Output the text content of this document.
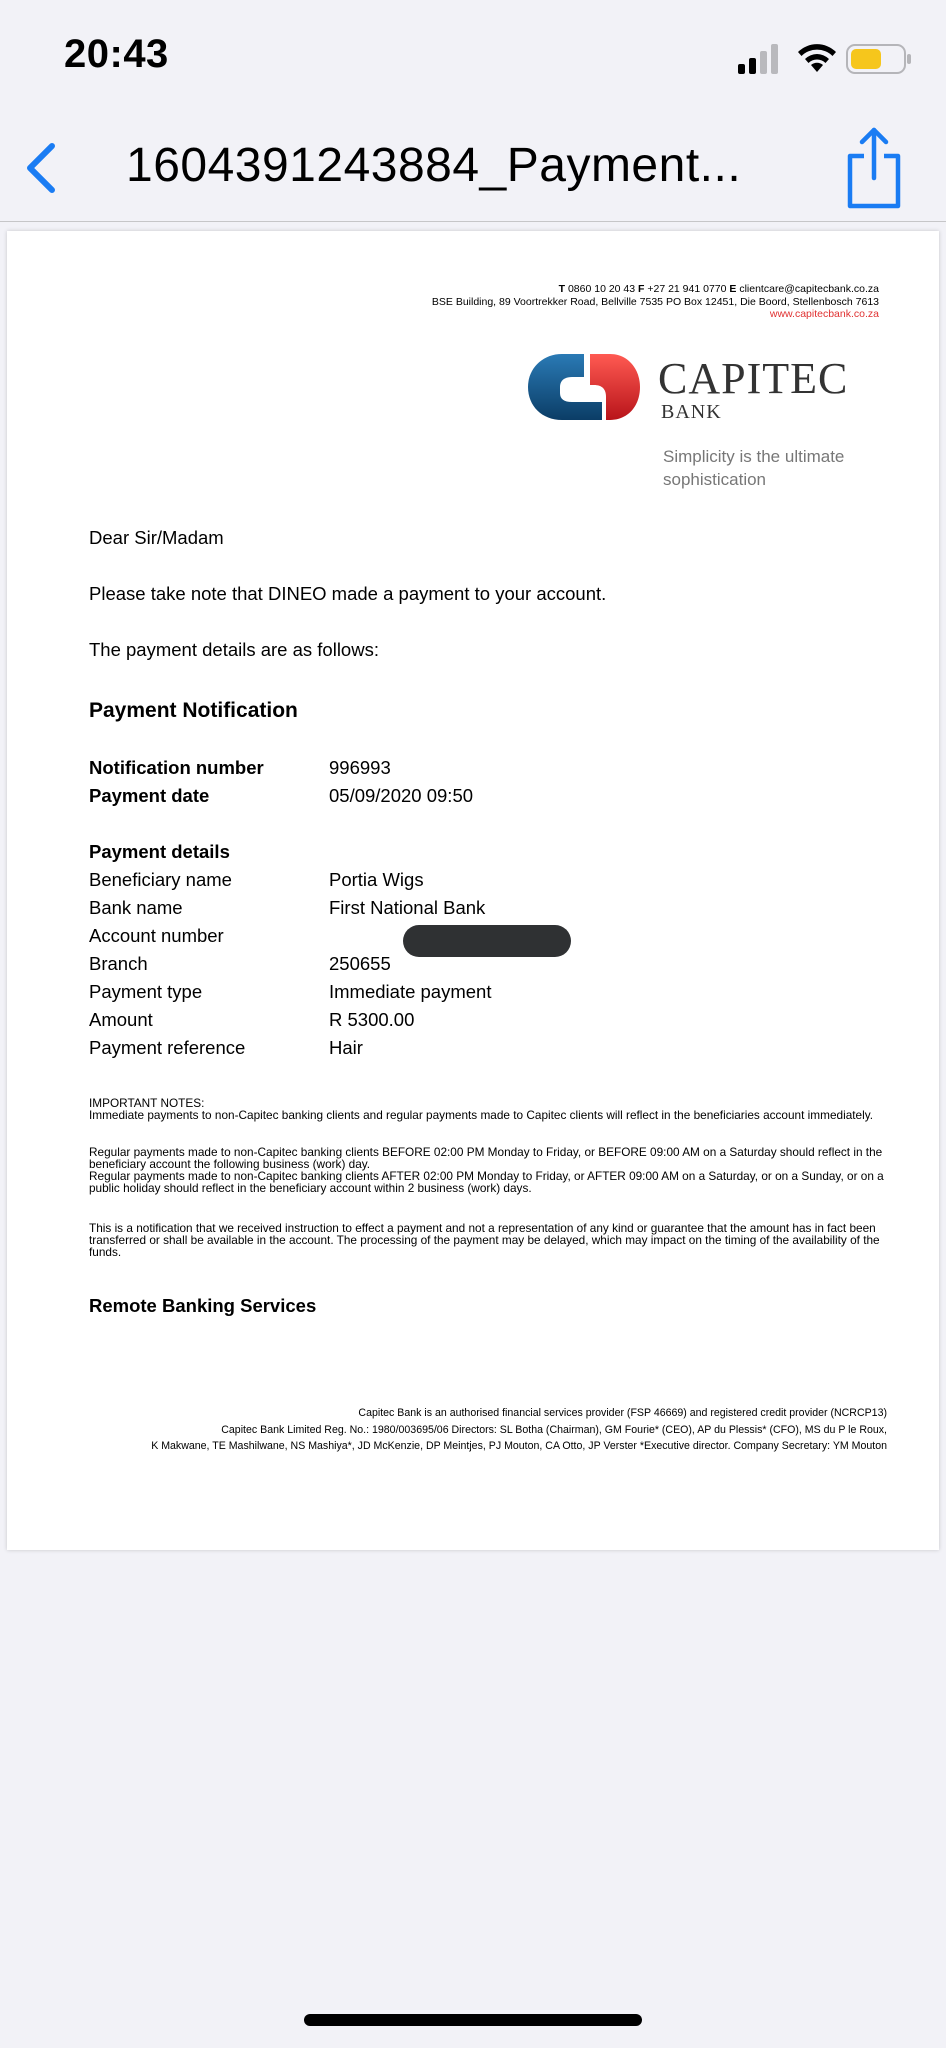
20:43
1604391243884_Payment...
T 0860 10 20 43 F +27 21 941 0770 E clientcare@capitecbank.co.za
BSE Building, 89 Voortrekker Road, Bellville 7535 PO Box 12451, Die Boord, Stellenbosch 7613
www.capitecbank.co.za
CAPITEC
BANK
Simplicity is the ultimate sophistication
Dear Sir/Madam
Please take note that DINEO made a payment to your account.
The payment details are as follows:
Payment Notification
Notification number	996993
Payment date	05/09/2020 09:50
Payment details
Beneficiary name	Portia Wigs
Bank name	First National Bank
Account number
Branch	250655
Payment type	Immediate payment
Amount	R 5300.00
Payment reference	Hair
IMPORTANT NOTES:
Immediate payments to non-Capitec banking clients and regular payments made to Capitec clients will reflect in the beneficiaries account immediately.
Regular payments made to non-Capitec banking clients BEFORE 02:00 PM Monday to Friday, or BEFORE 09:00 AM on a Saturday should reflect in the beneficiary account the following business (work) day.
Regular payments made to non-Capitec banking clients AFTER 02:00 PM Monday to Friday, or AFTER 09:00 AM on a Saturday, or on a Sunday, or on a public holiday should reflect in the beneficiary account within 2 business (work) days.
This is a notification that we received instruction to effect a payment and not a representation of any kind or guarantee that the amount has in fact been transferred or shall be available in the account. The processing of the payment may be delayed, which may impact on the timing of the availability of the funds.
Remote Banking Services
Capitec Bank is an authorised financial services provider (FSP 46669) and registered credit provider (NCRCP13)
Capitec Bank Limited Reg. No.: 1980/003695/06 Directors: SL Botha (Chairman), GM Fourie* (CEO), AP du Plessis* (CFO), MS du P le Roux,
K Makwane, TE Mashilwane, NS Mashiya*, JD McKenzie, DP Meintjes, PJ Mouton, CA Otto, JP Verster *Executive director. Company Secretary: YM Mouton
